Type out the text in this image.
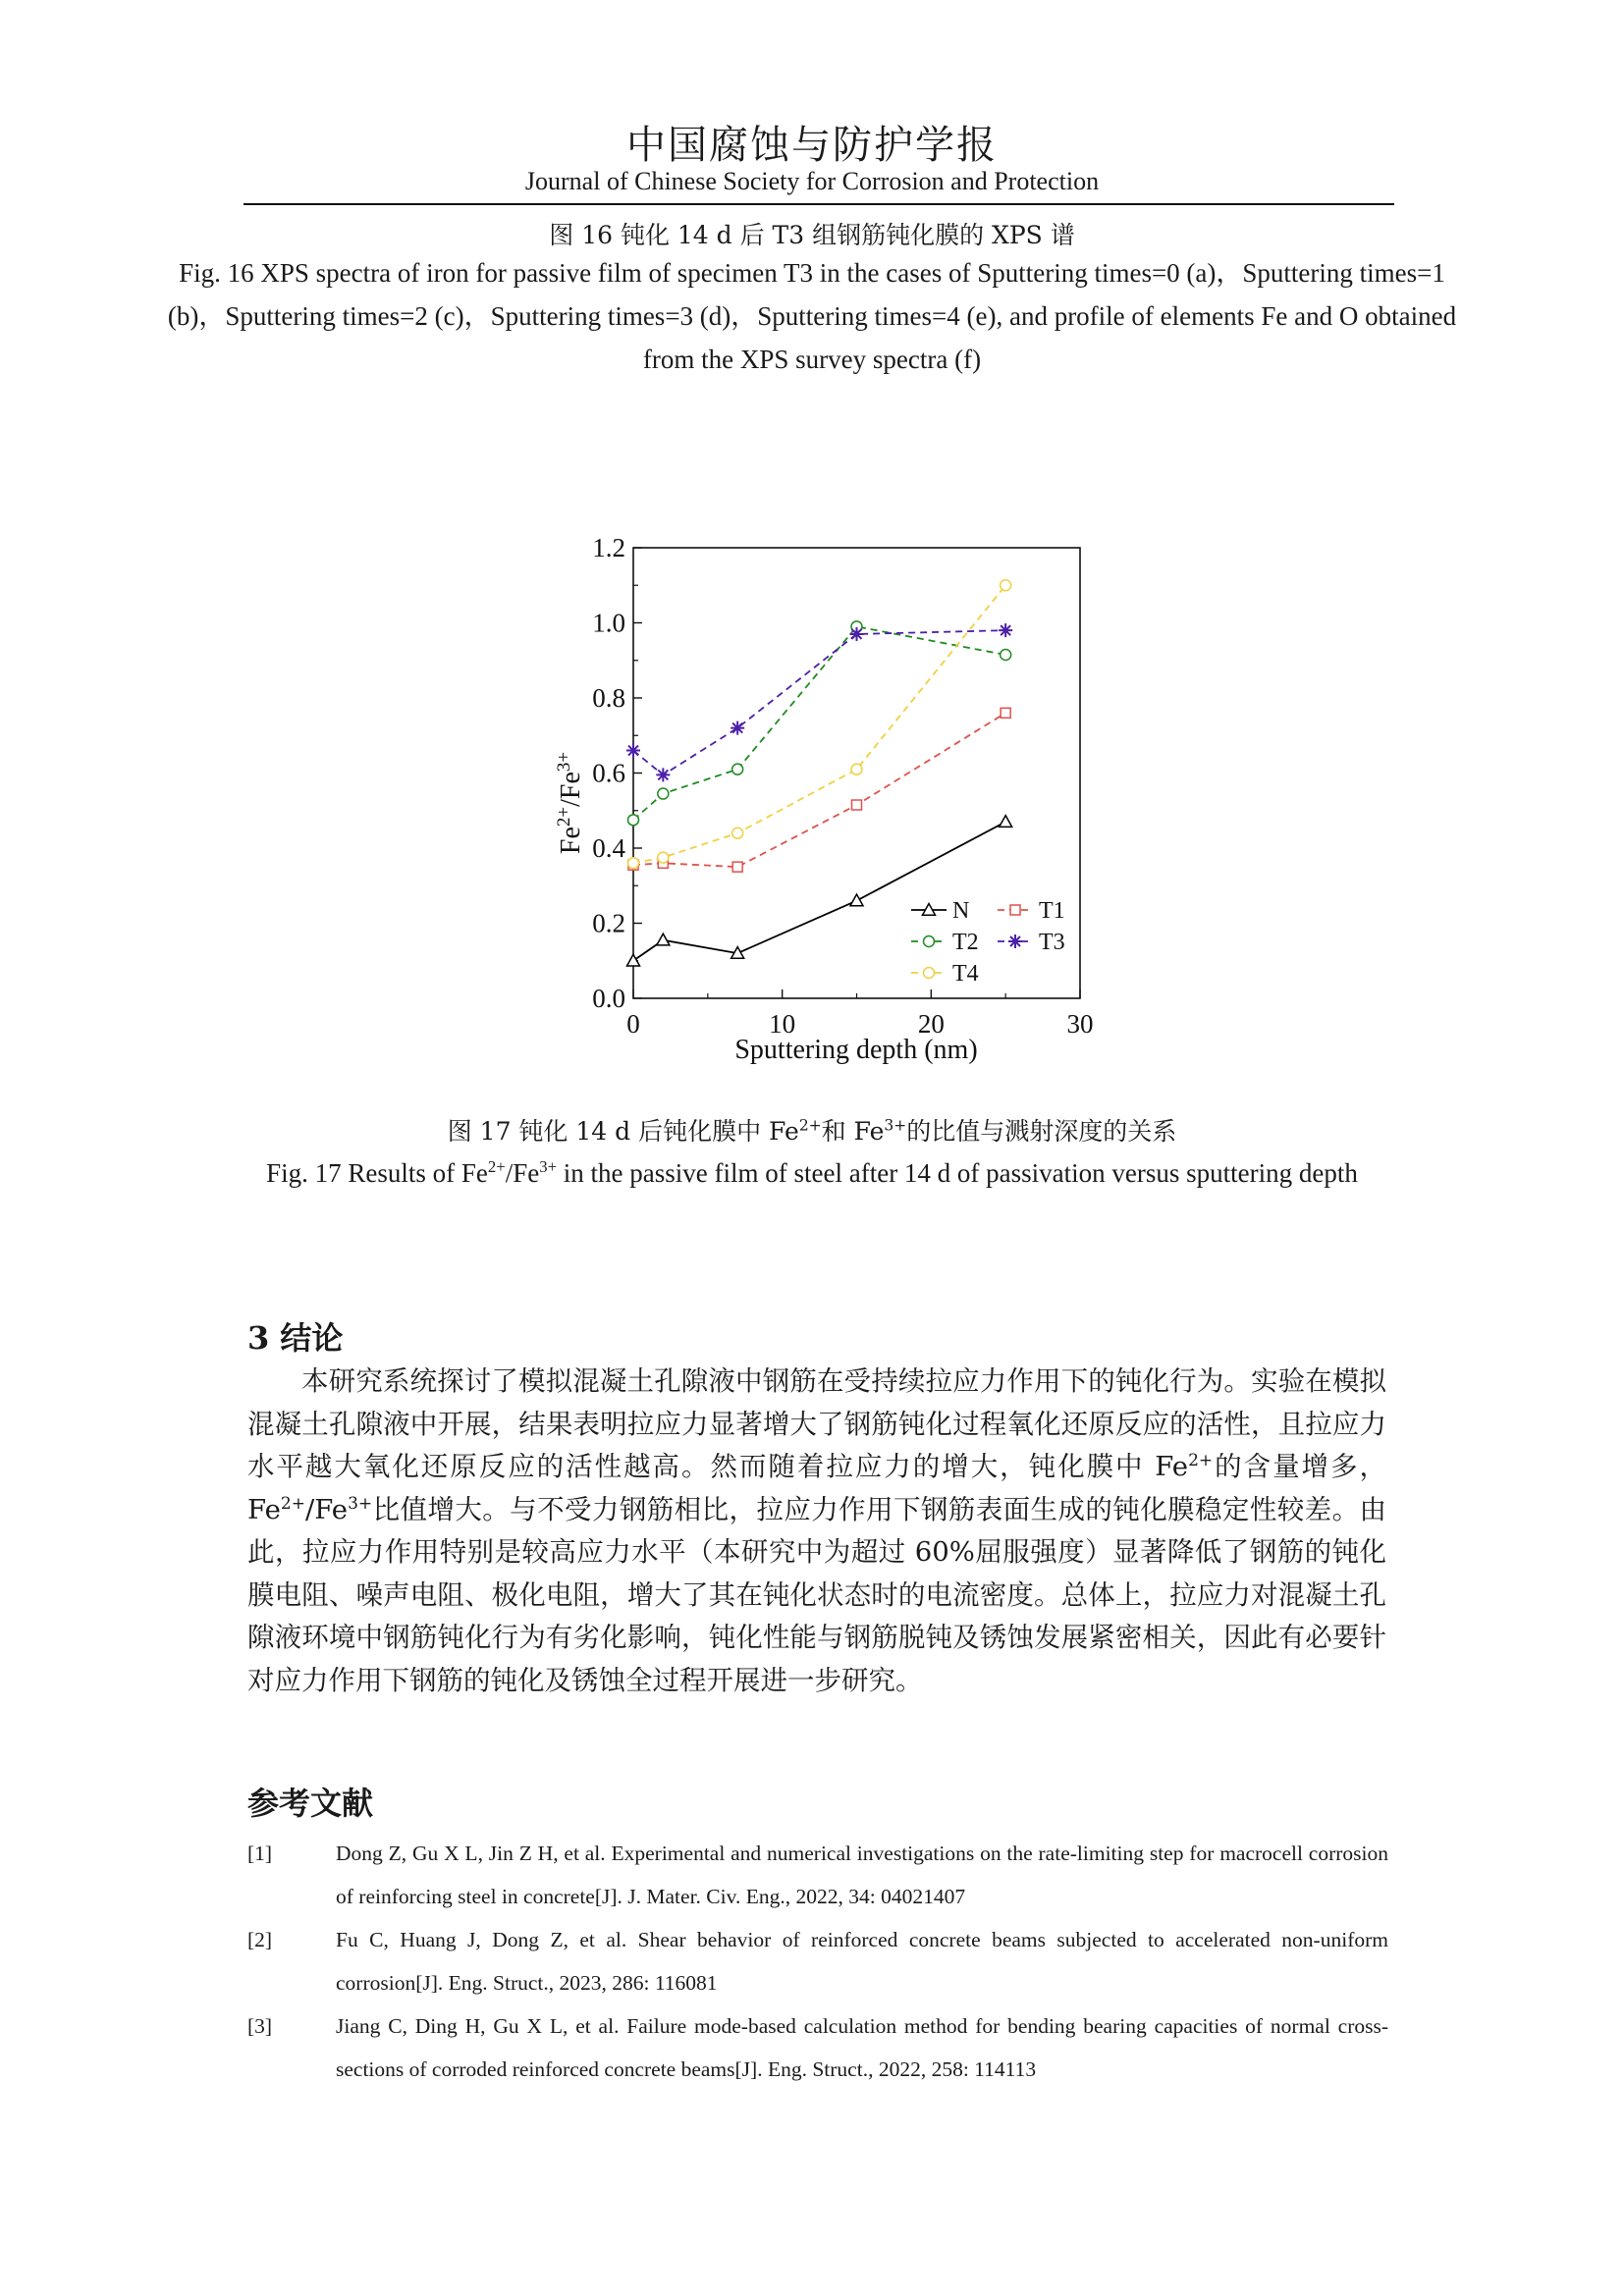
中国腐蚀与防护学报
Journal of Chinese Society for Corrosion and Protection
图 16 钝化 14 d 后 T3 组钢筋钝化膜的 XPS 谱
Fig. 16 XPS spectra of iron for passive film of specimen T3 in the cases of Sputtering times=0 (a)，Sputtering times=1 (b)，Sputtering times=2 (c)，Sputtering times=3 (d)，Sputtering times=4 (e), and profile of elements Fe and O obtained from the XPS survey spectra (f)
0	10	20	30
0.0
0.2
0.4
0.6
0.8
1.0
1.2
N	T1
T2	T3
T4
Sputtering depth (nm)
$Fe^{2+}/Fe^{3+}$
图 17 钝化 14 d 后钝化膜中 $Fe^{2+}$和 $Fe^{3+}$的比值与溅射深度的关系
Fig. 17 Results of $Fe^{2+}/Fe^{3+}$ in the passive film of steel after 14 d of passivation versus sputtering depth
3 结论
本研究系统探讨了模拟混凝土孔隙液中钢筋在受持续拉应力作用下的钝化行为。实验在模拟混凝土孔隙液中开展，结果表明拉应力显著增大了钢筋钝化过程氧化还原反应的活性，且拉应力水平越大氧化还原反应的活性越高。然而随着拉应力的增大，钝化膜中 $Fe^{2+}$的含量增多，$Fe^{2+}/Fe^{3+}$比值增大。与不受力钢筋相比，拉应力作用下钢筋表面生成的钝化膜稳定性较差。由此，拉应力作用特别是较高应力水平（本研究中为超过 60%屈服强度）显著降低了钢筋的钝化膜电阻、噪声电阻、极化电阻，增大了其在钝化状态时的电流密度。总体上，拉应力对混凝土孔隙液环境中钢筋钝化行为有劣化影响，钝化性能与钢筋脱钝及锈蚀发展紧密相关，因此有必要针对应力作用下钢筋的钝化及锈蚀全过程开展进一步研究。
参考文献
[1]	Dong Z, Gu X L, Jin Z H, et al. Experimental and numerical investigations on the rate-limiting step for macrocell corrosion of reinforcing steel in concrete[J]. J. Mater. Civ. Eng., 2022, 34: 04021407
[2]	Fu C, Huang J, Dong Z, et al. Shear behavior of reinforced concrete beams subjected to accelerated non-uniform corrosion[J]. Eng. Struct., 2023, 286: 116081
[3]	Jiang C, Ding H, Gu X L, et al. Failure mode-based calculation method for bending bearing capacities of normal cross-sections of corroded reinforced concrete beams[J]. Eng. Struct., 2022, 258: 114113
